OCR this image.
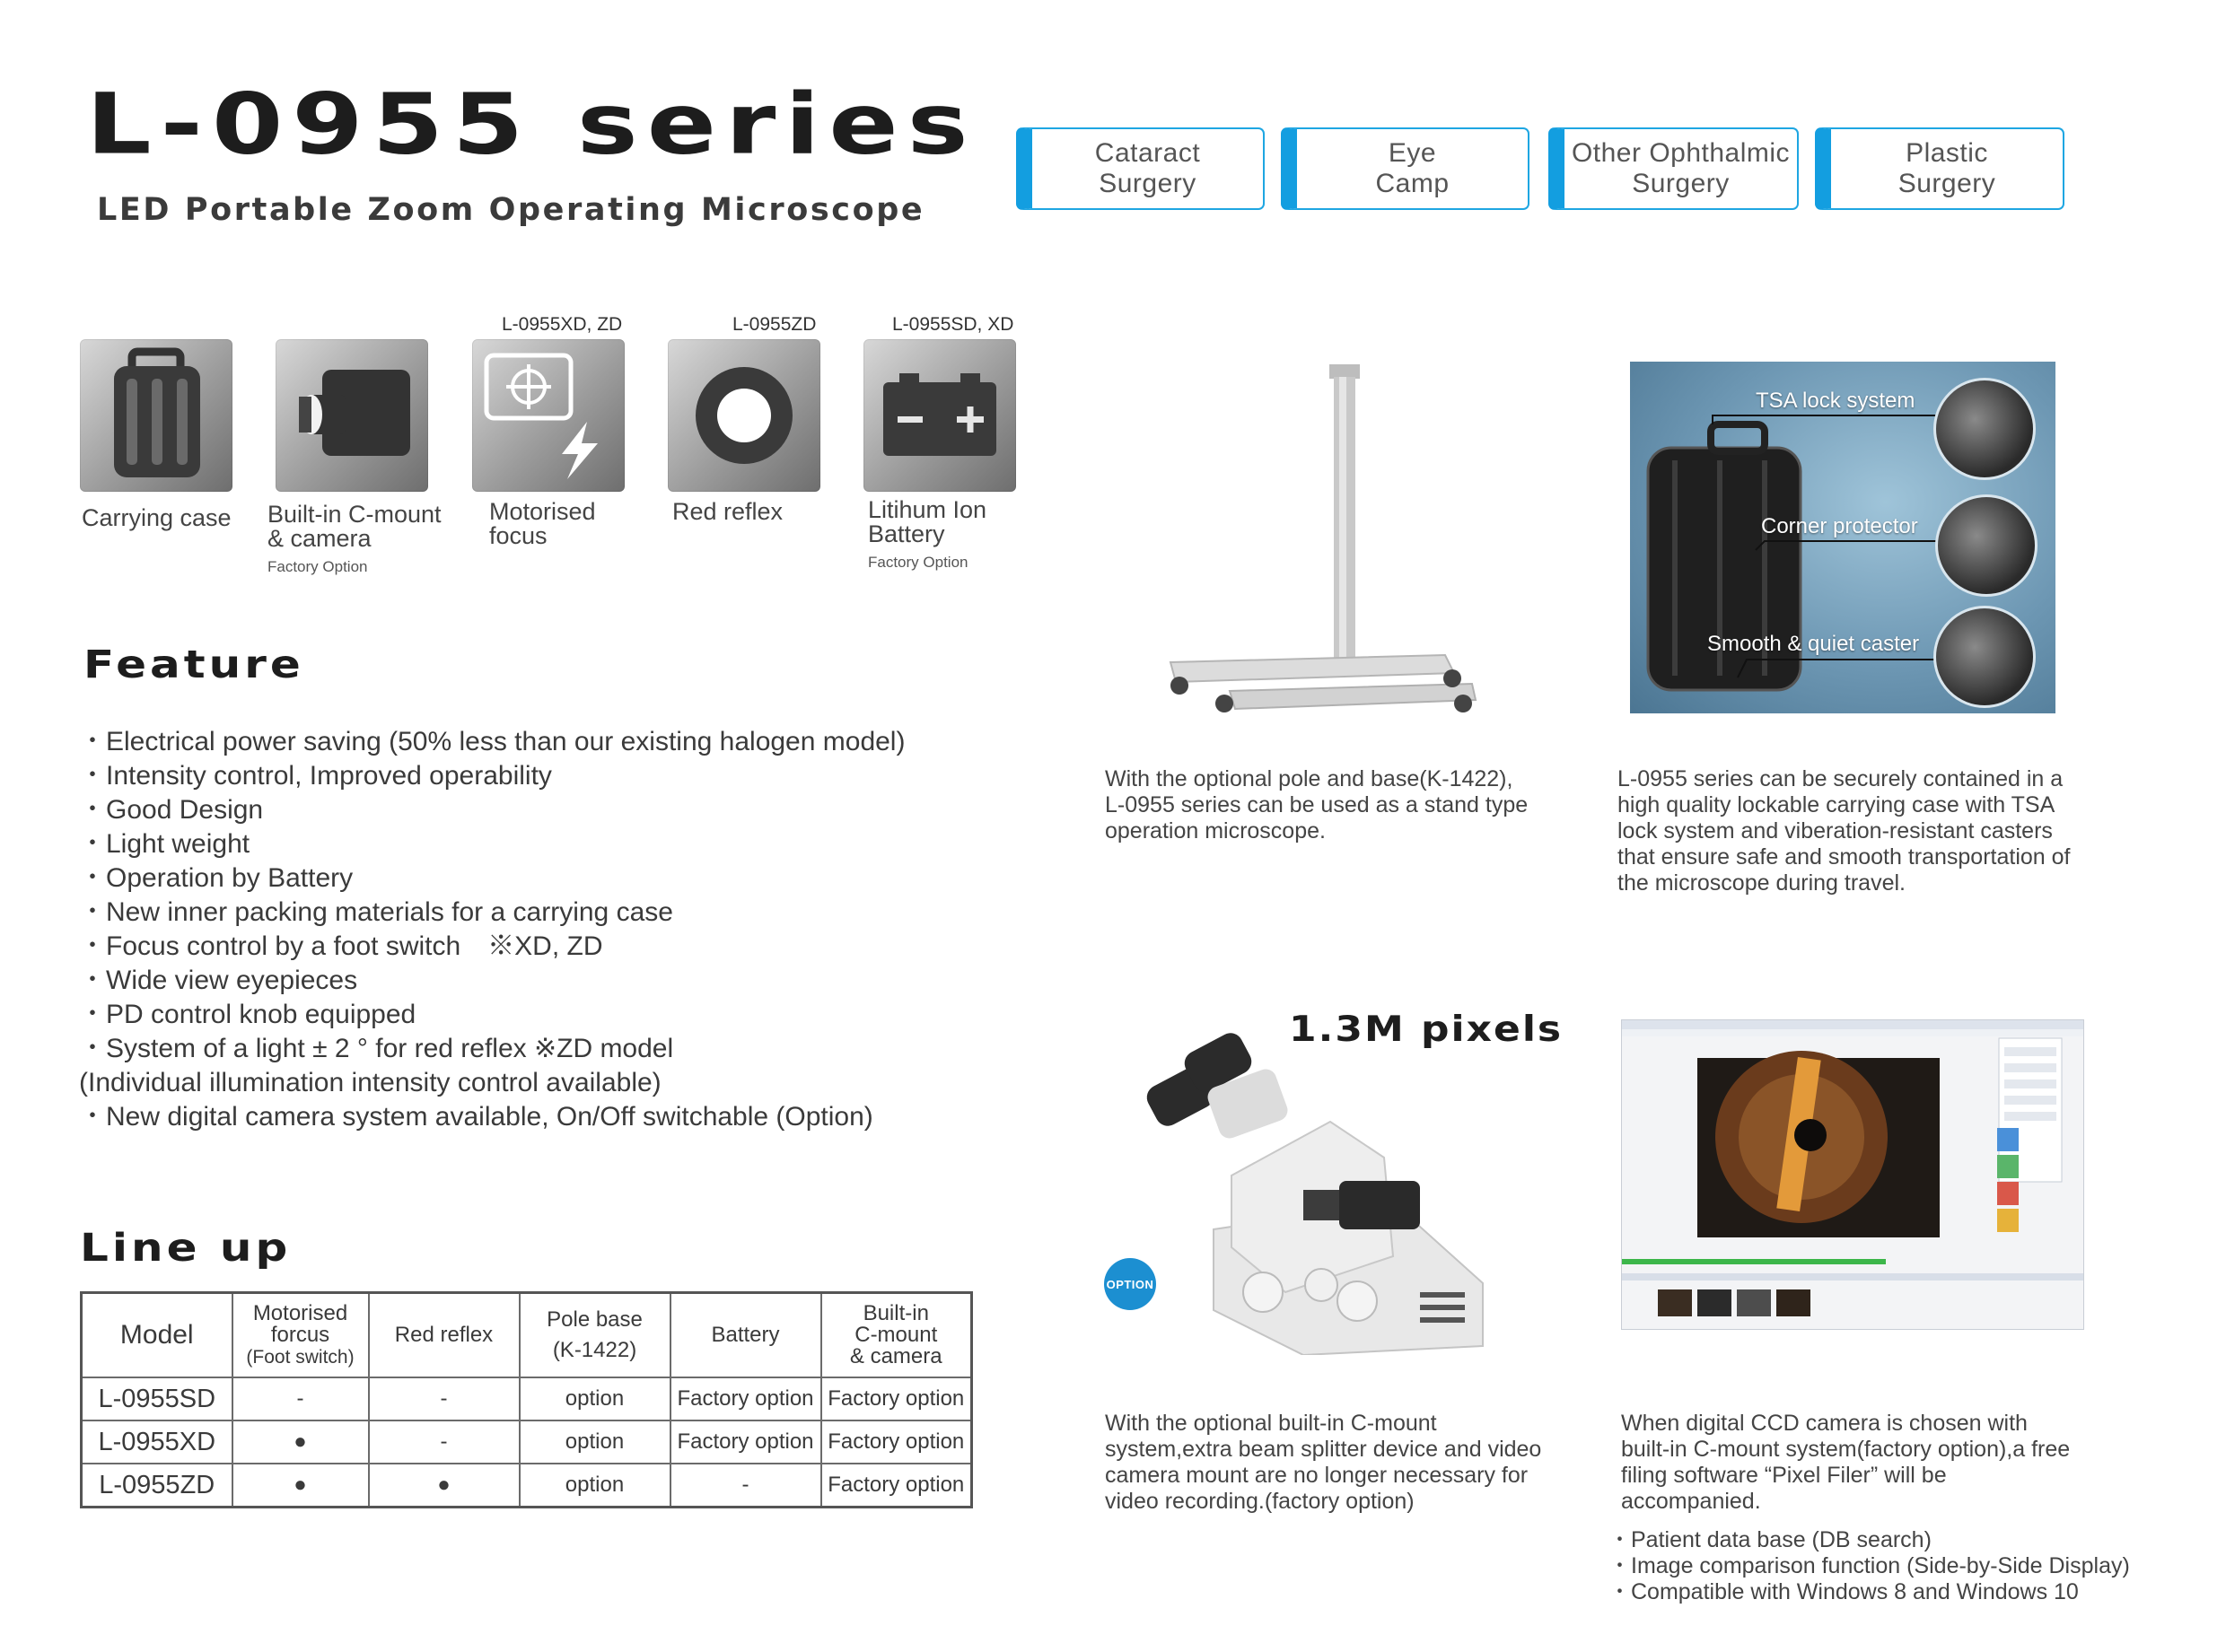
L-0955 series
LED Portable Zoom Operating Microscope
Cataract
Surgery
Eye
Camp
Other Ophthalmic
Surgery
Plastic
Surgery
Carrying case Built-in C-mount
& camera
Factory Option
L-0955XD, ZD
Motorised
focus
L-0955ZD
Red reflex
L-0955SD, XD
Litihum Ion
Battery
Factory Option
Feature
・Electrical power saving (50% less than our existing halogen model)
・Intensity control, Improved operability
・Good Design
・Light weight
・Operation by Battery
・New inner packing materials for a carrying case
・Focus control by a foot switch　※XD, ZD
・Wide view eyepieces
・PD control knob equipped
・System of a light ± 2 ° for red reflex ※ZD model
(Individual illumination intensity control available)
・New digital camera system available, On/Off switchable (Option)
Line up
Model	Motorised
forcus
(Foot switch)	Red reflex	Pole base
(K-1422)	Battery	Built-in
C-mount
& camera
L-0955SD	-	-	option	Factory option	Factory option
L-0955XD	●	-	option	Factory option	Factory option
L-0955ZD	●	●	option	-	Factory option
With the optional pole and base(K-1422),
L-0955 series can be used as a stand type
operation microscope.
TSA lock system
Corner protector
Smooth & quiet caster
L-0955 series can be securely contained in a
high quality lockable carrying case with TSA
lock system and viberation-resistant casters
that ensure safe and smooth transportation of
the microscope during travel.
1.3M pixels
OPTION
With the optional built-in C-mount
system,extra beam splitter device and video
camera mount are no longer necessary for
video recording.(factory option)
When digital CCD camera is chosen with
built-in C-mount system(factory option),a free
filing software “Pixel Filer” will be
accompanied.
・Patient data base (DB search)
・Image comparison function (Side-by-Side Display)
・Compatible with Windows 8 and Windows 10
